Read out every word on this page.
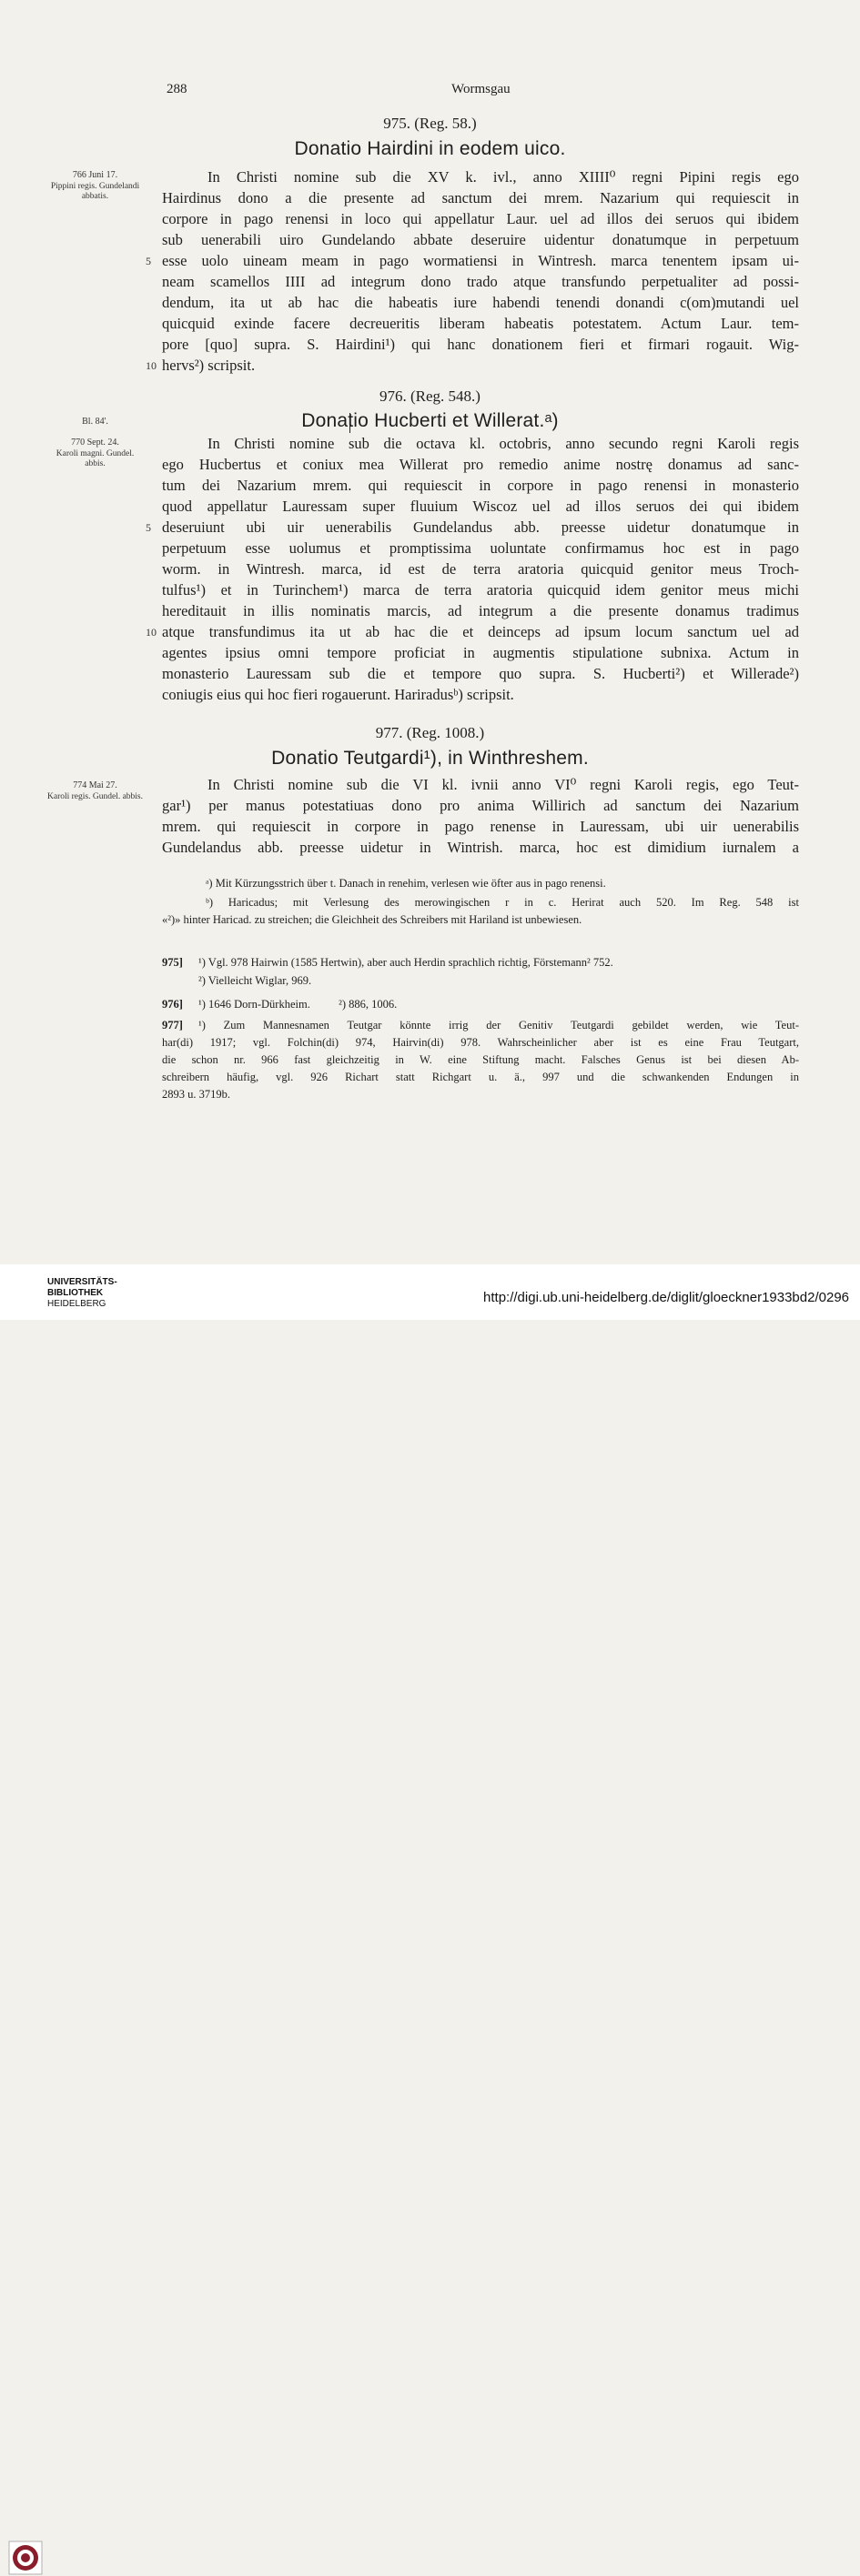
288	Wormsgau
975. (Reg. 58.)
Donatio Hairdini in eodem uico.
766 Juni 17.
Pippini regis. Gundelandi abbatis.
In Christi nomine sub die XV k. ivl., anno XIIII⁰ regni Pipini regis ego
Hairdinus dono a die presente ad sanctum dei mrem. Nazarium qui requiescit in
corpore in pago renensi in loco qui appellatur Laur. uel ad illos dei seruos qui ibidem
sub uenerabili uiro Gundelando abbate deseruire uidentur donatumque in perpetuum
5 esse uolo uineam meam in pago wormatiensi in Wintresh. marca tenentem ipsam ui-
neam scamellos IIII ad integrum dono trado atque transfundo perpetualiter ad possi-
dendum, ita ut ab hac die habeatis iure habendi tenendi donandi c(om)mutandi uel
quicquid exinde facere decreueritis liberam habeatis potestatem. Actum Laur. tem-
pore [quo] supra. S. Hairdini¹) qui hanc donationem fieri et firmari rogauit. Wig-
10 hervs²) scripsit.
976. (Reg. 548.)
Donatio Hucberti et Willerat.ᵃ)
Bl. 84'.
770 Sept. 24.
Karoli magni. Gundel. abbis.
In Christi nomine sub die octava kl. octobris, anno secundo regni Karoli regis
ego Hucbertus et coniux mea Willerat pro remedio anime nostrę donamus ad sanc-
tum dei Nazarium mrem. qui requiescit in corpore in pago renensi in monasterio
quod appellatur Lauressam super fluuium Wiscoz uel ad illos seruos dei qui ibidem
5 deseruiunt ubi uir uenerabilis Gundelandus abb. preesse uidetur donatumque in
perpetuum esse uolumus et promptissima uoluntate confirmamus hoc est in pago
worm. in Wintresh. marca, id est de terra aratoria quicquid genitor meus Troch-
tulfus¹) et in Turinchem¹) marca de terra aratoria quicquid idem genitor meus michi
hereditauit in illis nominatis marcis, ad integrum a die presente donamus tradimus
10 atque transfundimus ita ut ab hac die et deinceps ad ipsum locum sanctum uel ad
agentes ipsius omni tempore proficiat in augmentis stipulatione subnixa. Actum in
monasterio Lauressam sub die et tempore quo supra. S. Hucberti²) et Willerade²)
coniugis eius qui hoc fieri rogauerunt. Hariradusᵇ) scripsit.
977. (Reg. 1008.)
Donatio Teutgardi¹), in Winthreshem.
774 Mai 27.
Karoli regis. Gundel. abbis.
In Christi nomine sub die VI kl. ivnii anno VI⁰ regni Karoli regis, ego Teut-
gar¹) per manus potestatiuas dono pro anima Willirich ad sanctum dei Nazarium
mrem. qui requiescit in corpore in pago renense in Lauressam, ubi uir uenerabilis
Gundelandus abb. preesse uidetur in Wintrish. marca, hoc est dimidium iurnalem a
ᵃ) Mit Kürzungsstrich über t. Danach in renehim, verlesen wie öfter aus in pago renensi.
ᵇ) Haricadus; mit Verlesung des merowingischen r in c. Herirat auch 520. Im Reg. 548 ist
«²)» hinter Haricad. zu streichen; die Gleichheit des Schreibers mit Hariland ist unbewiesen.
975]	¹) Vgl. 978 Hairwin (1585 Hertwin), aber auch Herdin sprachlich richtig, Förstemann² 752.
²) Vielleicht Wiglar, 969.
976]	¹) 1646 Dorn-Dürkheim.          ²) 886, 1006.
977]	¹) Zum Mannesnamen Teutgar könnte irrig der Genitiv Teutgardi gebildet werden, wie Teut-
har(di) 1917; vgl. Folchin(di) 974, Hairvin(di) 978. Wahrscheinlicher aber ist es eine Frau Teutgart,
die schon nr. 966 fast gleichzeitig in W. eine Stiftung macht. Falsches Genus ist bei diesen Ab-
schreibern häufig, vgl. 926 Richart statt Richgart u. ä., 997 und die schwankenden Endungen in
2893 u. 3719b.
UNIVERSITÄTS-
BIBLIOTHEK
HEIDELBERG	http://digi.ub.uni-heidelberg.de/diglit/gloeckner1933bd2/0296
